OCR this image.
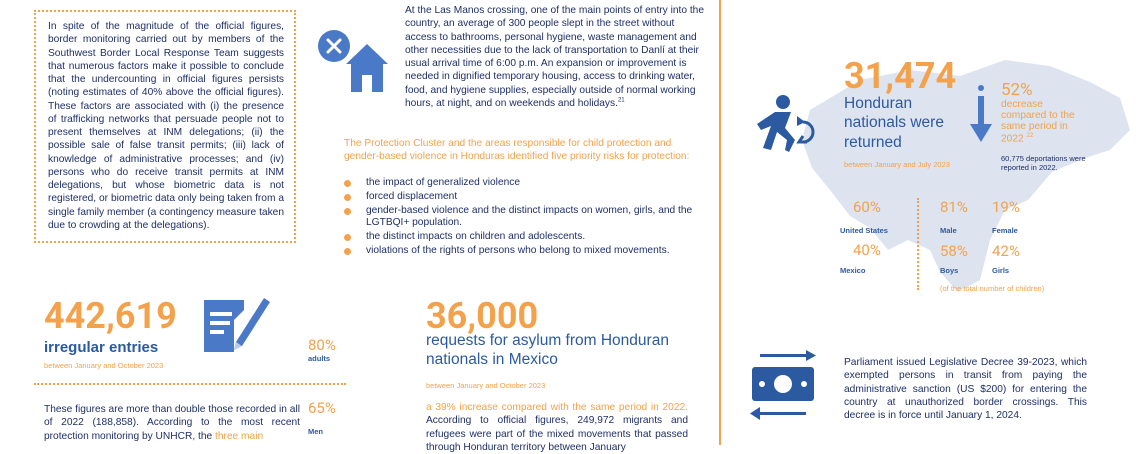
In spite of the magnitude of the official figures, border monitoring carried out by members of the Southwest Border Local Response Team suggests that numerous factors make it possible to conclude that the undercounting in official figures persists (noting estimates of 40% above the official figures). These factors are associated with (i) the presence of trafficking networks that persuade people not to present themselves at INM delegations; (ii) the possible sale of false transit permits; (iii) lack of knowledge of administrative processes; and (iv) persons who do receive transit permits at INM delegations, but whose biometric data is not registered, or biometric data only being taken from a single family member (a contingency measure taken due to crowding at the delegations).

At the Las Manos crossing, one of the main points of entry into the country, an average of 300 people slept in the street without access to bathrooms, personal hygiene, waste management and other necessities due to the lack of transportation to Danlí at their usual arrival time of 6:00 p.m. An expansion or improvement is needed in dignified temporary housing, access to drinking water, food, and hygiene supplies, especially outside of normal working hours, at night, and on weekends and holidays.$^{21}$

The Protection Cluster and the areas responsible for child protection and gender-based violence in Honduras identified five priority risks for protection:

the impact of generalized violence
forced displacement
gender-based violence and the distinct impacts on women, girls, and the LGTBQI+ population.
the distinct impacts on children and adolescents.
violations of the rights of persons who belong to mixed movements.
442,619
irregular entries
between January and October 2023
80%
adults
65%
Men

These figures are more than double those recorded in all of 2022 (188,858). According to the most recent protection monitoring by UNHCR, the three main

36,000
requests for asylum from Honduran nationals in Mexico
between January and October 2023

a 39% increase compared with the same period in 2022. According to official figures, 249,972 migrants and refugees were part of the mixed movements that passed through Honduran territory between January

31,474
Honduran nationals were returned
between January and July 2023
52%
decrease compared to the same period in 2022 $^{22}$
60,775 deportations were reported in 2022.
60%
United States
40%
Mexico
81%
Male
19%
Female
58%
Boys
42%
Girls
(of the total number of children)

Parliament issued Legislative Decree 39-2023, which exempted persons in transit from paying the administrative sanction (US $200) for entering the country at unauthorized border crossings. This decree is in force until January 1, 2024.
